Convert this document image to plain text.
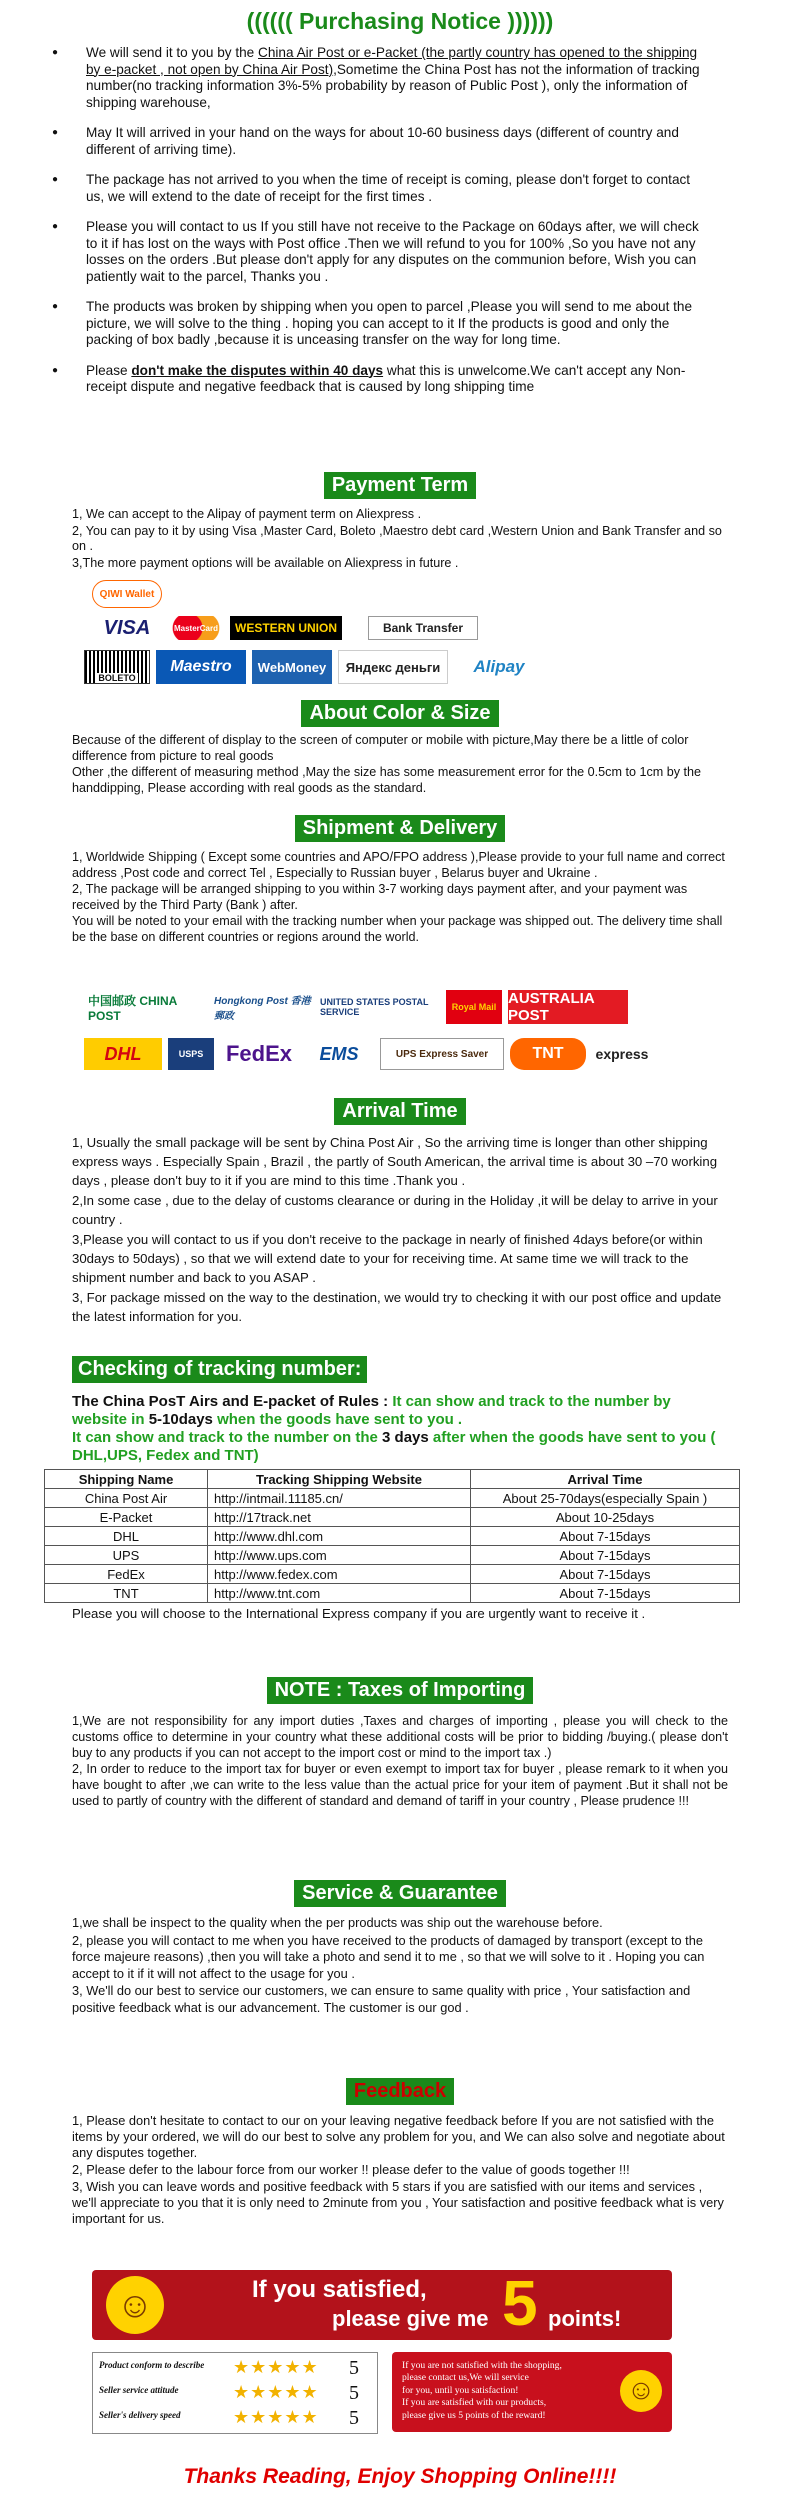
(((((( Purchasing Notice ))))))
● We will send it to you by the China Air Post or e-Packet (the partly country has opened to the shipping by e-packet , not open by China Air Post),Sometime the China Post has not the information of tracking number(no tracking information 3%-5% probability by reason of Public Post ), only the information of shipping warehouse,
● May It will arrived in your hand on the ways for about 10-60 business days (different of country and different of arriving time).
● The package has not arrived to you when the time of receipt is coming, please don't forget to contact us, we will extend to the date of receipt for the first times .
● Please you will contact to us If you still have not receive to the Package on 60days after, we will check to it if has lost on the ways with Post office .Then we will refund to you for 100% ,So you have not any losses on the orders .But please don't apply for any disputes on the communion before, Wish you can patiently wait to the parcel, Thanks you .
● The products was broken by shipping when you open to parcel ,Please you will send to me about the picture, we will solve to the thing . hoping you can accept to it If the products is good and only the packing of box badly ,because it is unceasing transfer on the way for long time.
● Please don't make the disputes within 40 days what this is unwelcome.We can't accept any Non-receipt dispute and negative feedback that is caused by long shipping time
Payment Term

1, We can accept to the Alipay of payment term on Aliexpress .

2, You can pay to it by using Visa ,Master Card, Boleto ,Maestro debt card ,Western Union and Bank Transfer and so on .

3,The more payment options will be available on Aliexpress in future .

QIWI Wallet
VISA	MasterCard	WESTERN UNION	Bank Transfer
BOLETO
Maestro	WebMoney	Яндекс деньги	Alipay
About Color & Size

Because of the different of display to the screen of computer or mobile with picture,May there be a little of color difference from picture to real goods

Other ,the different of measuring method ,May the size has some measurement error for the 0.5cm to 1cm by the handdipping, Please according with real goods as the standard.

Shipment & Delivery

1, Worldwide Shipping ( Except some countries and APO/FPO address ),Please provide to your full name and correct address ,Post code and correct Tel , Especially to Russian buyer , Belarus buyer and Ukraine .

2, The package will be arranged shipping to you within 3-7 working days payment after, and your payment was received by the Third Party (Bank ) after.

You will be noted to your email with the tracking number when your package was shipped out. The delivery time shall be the base on different countries or regions around the world.

中国邮政 CHINA POST
Hongkong Post 香港郵政
UNITED STATES POSTAL SERVICE	Royal Mail AUSTRALIA POST
DHL	USPS	FedEx	EMS	UPS Express Saver	TNT	express
Arrival Time

1, Usually the small package will be sent by China Post Air , So the arriving time is longer than other shipping express ways . Especially Spain , Brazil , the partly of South American, the arrival time is about 30 –70 working days , please don't buy to it if you are mind to this time .Thank you .

2,In some case , due to the delay of customs clearance or during in the Holiday ,it will be delay to arrive in your country .

3,Please you will contact to us if you don't receive to the package in nearly of finished 4days before(or within 30days to 50days) , so that we will extend date to your for receiving time. At same time we will track to the shipment number and back to you ASAP .

3, For package missed on the way to the destination, we would try to checking it with our post office and update the latest information for you.

Checking of tracking number:
The China PosT Airs and E-packet of Rules : It can show and track to the number by website in 5-10days when the goods have sent to you .
It can show and track to the number on the 3 days after when the goods have sent to you ( DHL,UPS, Fedex and TNT)
Shipping Name	Tracking Shipping Website	Arrival Time
China Post Air	http://intmail.11185.cn/	About 25-70days(especially Spain )
E-Packet	http://17track.net	About 10-25days
DHL	http://www.dhl.com	About 7-15days
UPS	http://www.ups.com	About 7-15days
FedEx	http://www.fedex.com	About 7-15days
TNT	http://www.tnt.com	About 7-15days
Please you will choose to the International Express company if you are urgently want to receive it .
NOTE : Taxes of Importing

1,We are not responsibility for any import duties ,Taxes and charges of importing , please you will check to the customs office to determine in your country what these additional costs will be prior to bidding /buying.( please don't buy to any products if you can not accept to the import cost or mind to the import tax .)

2, In order to reduce to the import tax for buyer or even exempt to import tax for buyer , please remark to it when you have bought to after ,we can write to the less value than the actual price for your item of payment .But it shall not be used to partly of country with the different of standard and demand of tariff in your country , Please prudence !!!

Service & Guarantee

1,we shall be inspect to the quality when the per products was ship out the warehouse before.

2, please you will contact to me when you have received to the products of damaged by transport (except to the force majeure reasons) ,then you will take a photo and send it to me , so that we will solve to it . Hoping you can accept to it if it will not affect to the usage for you .

3, We'll do our best to service our customers, we can ensure to same quality with price , Your satisfaction and positive feedback what is our advancement. The customer is our god .

Feedback

1, Please don't hesitate to contact to our on your leaving negative feedback before If you are not satisfied with the items by your ordered, we will do our best to solve any problem for you, and We can also solve and negotiate about any disputes together.

2, Please defer to the labour force from our worker !! please defer to the value of goods together !!!

3, Wish you can leave words and positive feedback with 5 stars if you are satisfied with our items and services , we'll appreciate to you that it is only need to 2minute from you , Your satisfaction and positive feedback what is very important for us.

☺	If you satisfied,
please give me 5 points!
Product conform to describe ★★★★★ 5
Seller service attitude	★★★★★ 5
Seller's delivery speed	★★★★★ 5
If you are not satisfied with the shopping,
please contact us,We will service
for you, until you satisfaction!
If you are satisfied with our products,
please give us 5 points of the reward!
☺
Thanks Reading, Enjoy Shopping Online!!!!
